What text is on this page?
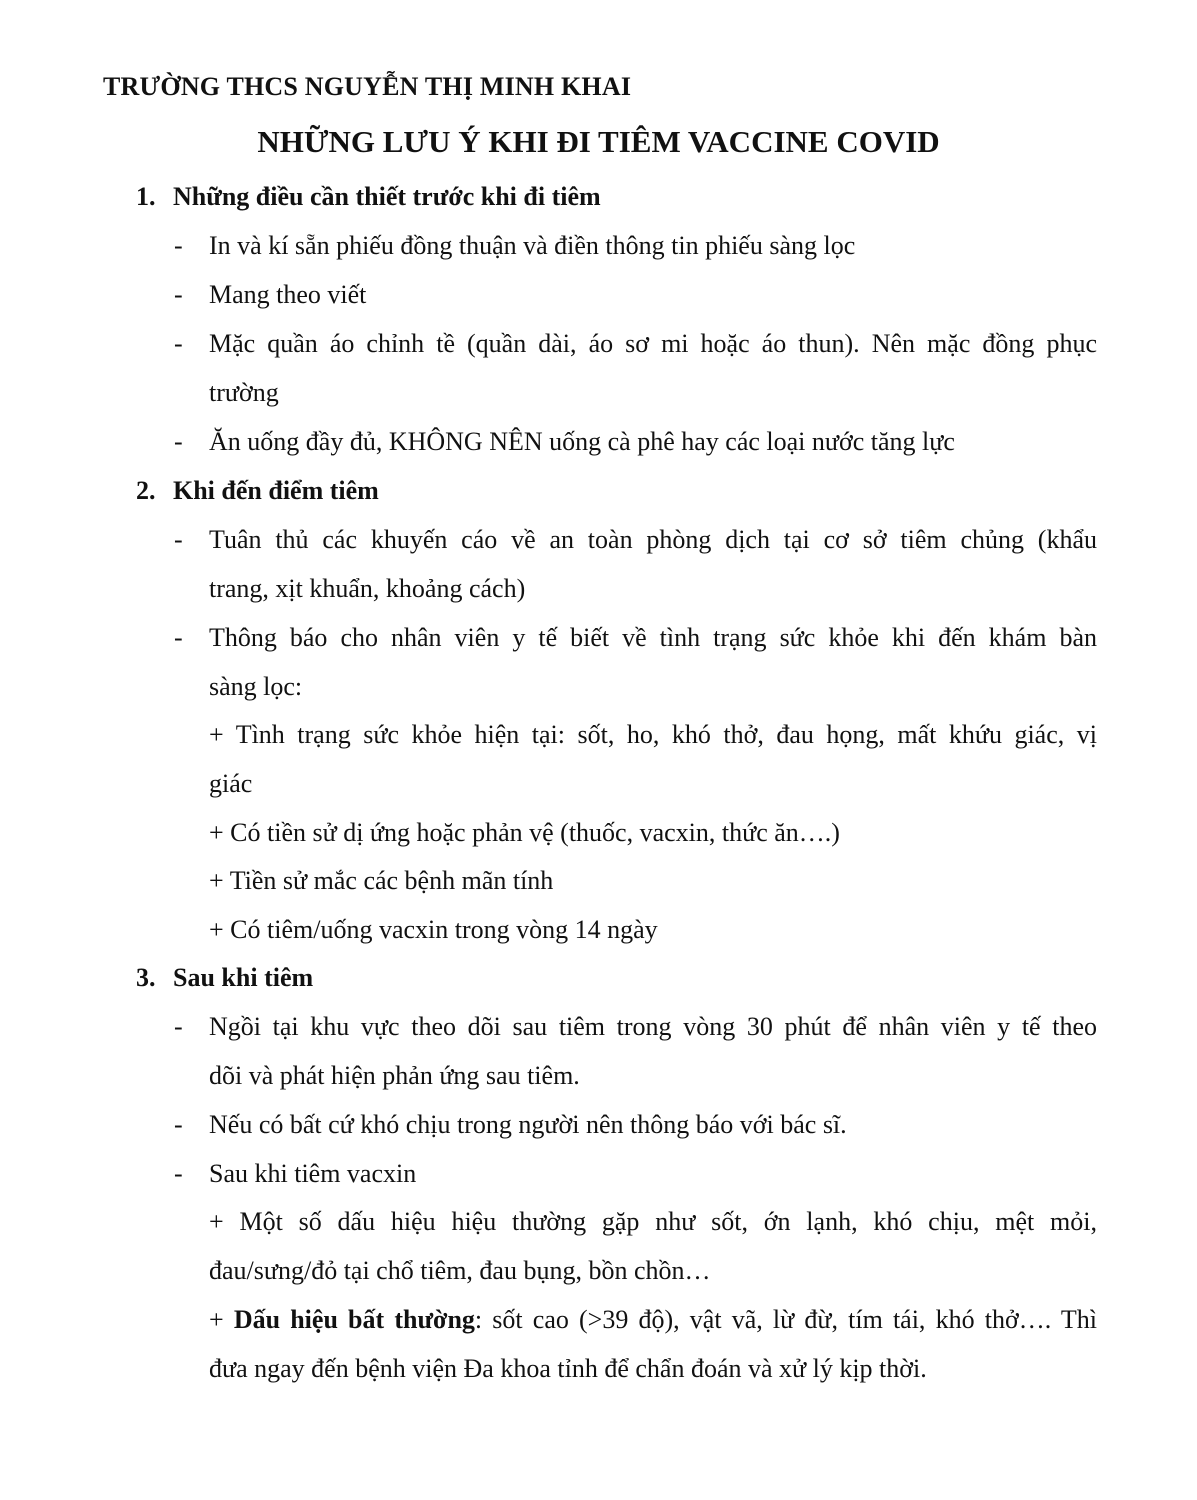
TRƯỜNG THCS NGUYỄN THỊ MINH KHAI
NHỮNG LƯU Ý KHI ĐI TIÊM VACCINE COVID
1. Những điều cần thiết trước khi đi tiêm
- In và kí sẵn phiếu đồng thuận và điền thông tin phiếu sàng lọc
- Mang theo viết
- Mặc quần áo chỉnh tề (quần dài, áo sơ mi hoặc áo thun). Nên mặc đồng phục
trường
- Ăn uống đầy đủ, KHÔNG NÊN uống cà phê hay các loại nước tăng lực
2. Khi đến điểm tiêm
- Tuân thủ các khuyến cáo về an toàn phòng dịch tại cơ sở tiêm chủng (khẩu
trang, xịt khuẩn, khoảng cách)
- Thông báo cho nhân viên y tế biết về tình trạng sức khỏe khi đến khám bàn
sàng lọc:
+ Tình trạng sức khỏe hiện tại: sốt, ho, khó thở, đau họng, mất khứu giác, vị
giác
+ Có tiền sử dị ứng hoặc phản vệ (thuốc, vacxin, thức ăn….)
+ Tiền sử mắc các bệnh mãn tính
+ Có tiêm/uống vacxin trong vòng 14 ngày
3. Sau khi tiêm
- Ngồi tại khu vực theo dõi sau tiêm trong vòng 30 phút để nhân viên y tế theo
dõi và phát hiện phản ứng sau tiêm.
- Nếu có bất cứ khó chịu trong người nên thông báo với bác sĩ.
- Sau khi tiêm vacxin
+ Một số dấu hiệu hiệu thường gặp như sốt, ớn lạnh, khó chịu, mệt mỏi,
đau/sưng/đỏ tại chổ tiêm, đau bụng, bồn chồn…
+ Dấu hiệu bất thường: sốt cao (>39 độ), vật vã, lừ đừ, tím tái, khó thở…. Thì
đưa ngay đến bệnh viện Đa khoa tỉnh để chẩn đoán và xử lý kịp thời.
